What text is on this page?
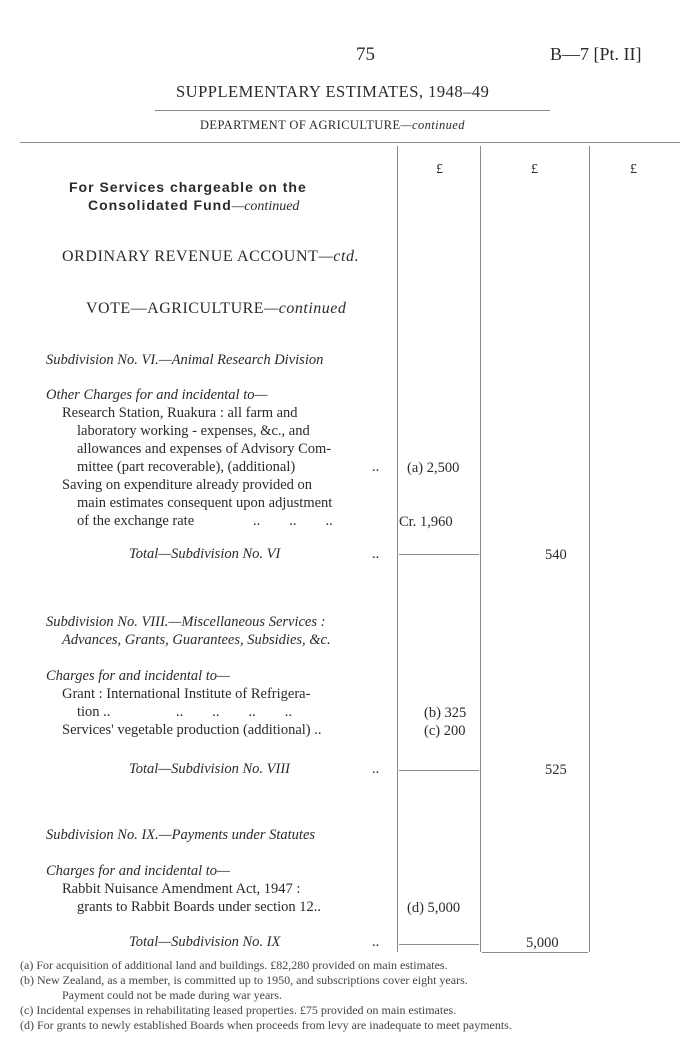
75	B—7 [Pt. II]
SUPPLEMENTARY ESTIMATES, 1948–49
DEPARTMENT OF AGRICULTURE—continued
£	£	£
For Services chargeable on the
Consolidated Fund—continued
ORDINARY REVENUE ACCOUNT—ctd.
VOTE—AGRICULTURE—continued
Subdivision No. VI.—Animal Research Division
Other Charges for and incidental to—
Research Station, Ruakura : all farm and
laboratory working - expenses, &c., and
allowances and expenses of Advisory Com-
mittee (part recoverable), (additional)	.. (a) 2,500
Saving on expenditure already provided on
main estimates consequent upon adjustment
of the exchange rate	..        ..        ..	Cr. 1,960
Total—Subdivision No. VI	..	540
Subdivision No. VIII.—Miscellaneous Services :
Advances, Grants, Guarantees, Subsidies, &c.
Charges for and incidental to—
Grant : International Institute of Refrigera-
tion ..	..        ..        ..        ..	(b) 325
Services' vegetable production (additional) ..	(c) 200
Total—Subdivision No. VIII	..	525
Subdivision No. IX.—Payments under Statutes
Charges for and incidental to—
Rabbit Nuisance Amendment Act, 1947 :
grants to Rabbit Boards under section 12..	(d) 5,000
Total—Subdivision No. IX	..	5,000
(a) For acquisition of additional land and buildings. £82,280 provided on main estimates.
(b) New Zealand, as a member, is committed up to 1950, and subscriptions cover eight years.
Payment could not be made during war years.
(c) Incidental expenses in rehabilitating leased properties. £75 provided on main estimates.
(d) For grants to newly established Boards when proceeds from levy are inadequate to meet payments.
